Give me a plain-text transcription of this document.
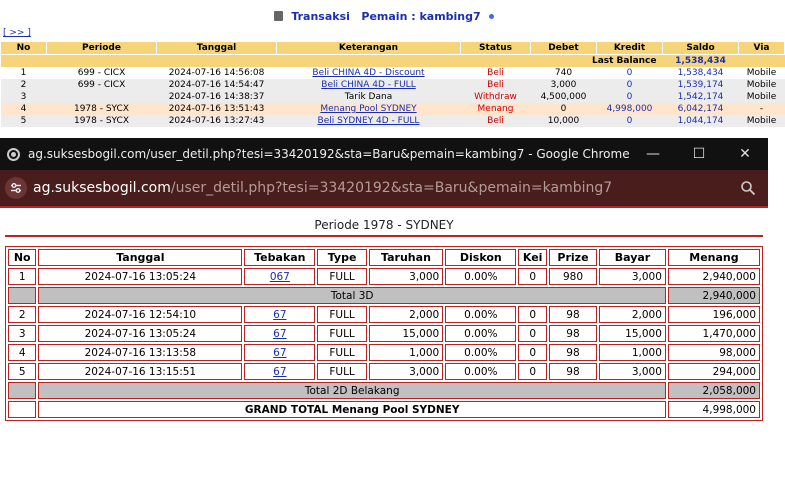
Transaksi Pemain : kambing7
[ >> ]
No	Periode	Tanggal	Keterangan	Status	Debet	Kredit	Saldo	Via
Last Balance							1,538,434	
1	699 - CICX	2024-07-16 14:56:08	Beli CHINA 4D - Discount	Beli	740	0	1,538,434	Mobile
2	699 - CICX	2024-07-16 14:54:47	Beli CHINA 4D - FULL	Beli	3,000	0	1,539,174	Mobile
3		2024-07-16 14:38:37	Tarik Dana	Withdraw	4,500,000	0	1,542,174	Mobile
4	1978 - SYCX	2024-07-16 13:51:43	Menang Pool SYDNEY	Menang	0	4,998,000	6,042,174	-
5	1978 - SYCX	2024-07-16 13:27:43	Beli SYDNEY 4D - FULL	Beli	10,000	0	1,044,174	Mobile
ag.suksesbogil.com/user_detil.php?tesi=33420192&sta=Baru&pemain=kambing7 - Google Chrome	—	☐	✕
ag.suksesbogil.com/user_detil.php?tesi=33420192&sta=Baru&pemain=kambing7
Periode 1978 - SYDNEY
No	Tanggal	Tebakan	Type	Taruhan	Diskon	Kei	Prize	Bayar	Menang
1	2024-07-16 13:05:24	067	FULL	3,000	0.00%	0	980	3,000	2,940,000
	Total 3D								2,940,000
2	2024-07-16 12:54:10	67	FULL	2,000	0.00%	0	98	2,000	196,000
3	2024-07-16 13:05:24	67	FULL	15,000	0.00%	0	98	15,000	1,470,000
4	2024-07-16 13:13:58	67	FULL	1,000	0.00%	0	98	1,000	98,000
5	2024-07-16 13:15:51	67	FULL	3,000	0.00%	0	98	3,000	294,000
	Total 2D Belakang								2,058,000
	GRAND TOTAL Menang Pool SYDNEY								4,998,000
